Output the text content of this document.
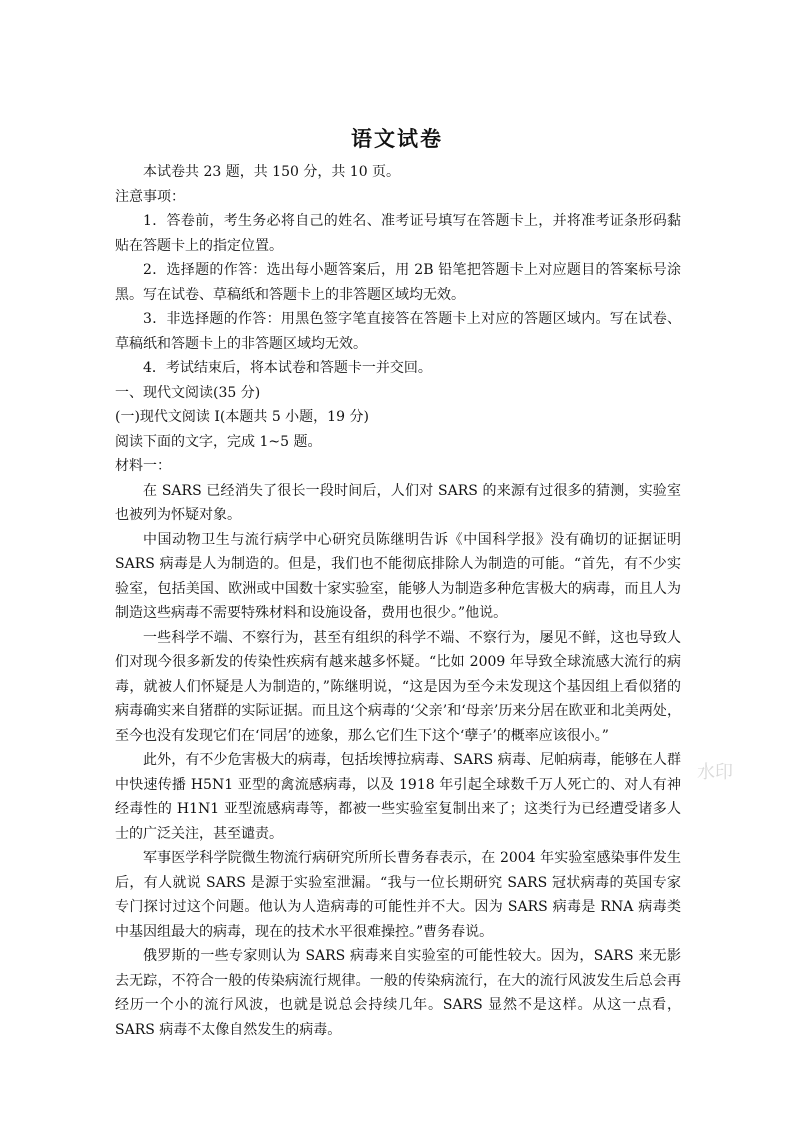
语文试卷

本试卷共 23 题，共 150 分，共 10 页。

注意事项：

1．答卷前，考生务必将自己的姓名、准考证号填写在答题卡上，并将准考证条形码黏贴在答题卡上的指定位置。

2．选择题的作答：选出每小题答案后，用 2B 铅笔把答题卡上对应题目的答案标号涂黑。写在试卷、草稿纸和答题卡上的非答题区域均无效。

3．非选择题的作答：用黑色签字笔直接答在答题卡上对应的答题区域内。写在试卷、草稿纸和答题卡上的非答题区域均无效。

4．考试结束后，将本试卷和答题卡一并交回。

一、现代文阅读(35 分)

(一)现代文阅读 I(本题共 5 小题，19 分)

阅读下面的文字，完成 1~5 题。

材料一：

在 SARS 已经消失了很长一段时间后，人们对 SARS 的来源有过很多的猜测，实验室也被列为怀疑对象。

中国动物卫生与流行病学中心研究员陈继明告诉《中国科学报》没有确切的证据证明 SARS 病毒是人为制造的。但是，我们也不能彻底排除人为制造的可能。“首先，有不少实验室，包括美国、欧洲或中国数十家实验室，能够人为制造多种危害极大的病毒，而且人为制造这些病毒不需要特殊材料和设施设备，费用也很少。”他说。

一些科学不端、不察行为，甚至有组织的科学不端、不察行为，屡见不鲜，这也导致人们对现今很多新发的传染性疾病有越来越多怀疑。“比如 2009 年导致全球流感大流行的病毒，就被人们怀疑是人为制造的，”陈继明说，“这是因为至今未发现这个基因组上看似猪的病毒确实来自猪群的实际证据。而且这个病毒的‘父亲’和‘母亲’历来分居在欧亚和北美两处，至今也没有发现它们在‘同居’的迹象，那么它们生下这个‘孽子’的概率应该很小。”

此外，有不少危害极大的病毒，包括埃博拉病毒、SARS 病毒、尼帕病毒，能够在人群中快速传播 H5N1 亚型的禽流感病毒，以及 1918 年引起全球数千万人死亡的、对人有神经毒性的 H1N1 亚型流感病毒等，都被一些实验室复制出来了；这类行为已经遭受诸多人士的广泛关注，甚至谴责。

军事医学科学院微生物流行病研究所所长曹务春表示，在 2004 年实验室感染事件发生后，有人就说 SARS 是源于实验室泄漏。“我与一位长期研究 SARS 冠状病毒的英国专家专门探讨过这个问题。他认为人造病毒的可能性并不大。因为 SARS 病毒是 RNA 病毒类中基因组最大的病毒，现在的技术水平很难操控。”曹务春说。

俄罗斯的一些专家则认为 SARS 病毒来自实验室的可能性较大。因为，SARS 来无影去无踪，不符合一般的传染病流行规律。一般的传染病流行，在大的流行风波发生后总会再经历一个小的流行风波，也就是说总会持续几年。SARS 显然不是这样。从这一点看，SARS 病毒不太像自然发生的病毒。

水印
